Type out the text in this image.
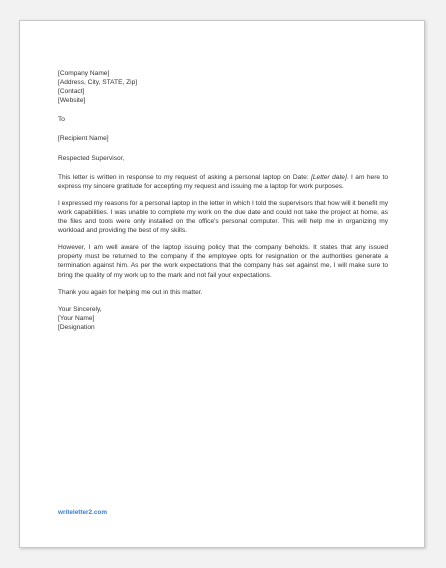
[Company Name]
[Address, City, STATE, Zip]
[Contact]
[Website]
To
[Recipient Name]
Respected Supervisor,

This letter is written in response to my request of asking a personal laptop on Date: [Letter date]. I am here to express my sincere gratitude for accepting my request and issuing me a laptop for work purposes.

I expressed my reasons for a personal laptop in the letter in which I told the supervisors that how will it benefit my work capabilities. I was unable to complete my work on the due date and could not take the project at home, as the files and tools were only installed on the office's personal computer. This will help me in organizing my workload and providing the best of my skills.

However, I am well aware of the laptop issuing policy that the company beholds. It states that any issued property must be returned to the company if the employee opts for resignation or the authorities generate a termination against him. As per the work expectations that the company has set against me, I will make sure to bring the quality of my work up to the mark and not fail your expectations.

Thank you again for helping me out in this matter.

Your Sincerely,
[Your Name]
[Designation
writeletter2.com
